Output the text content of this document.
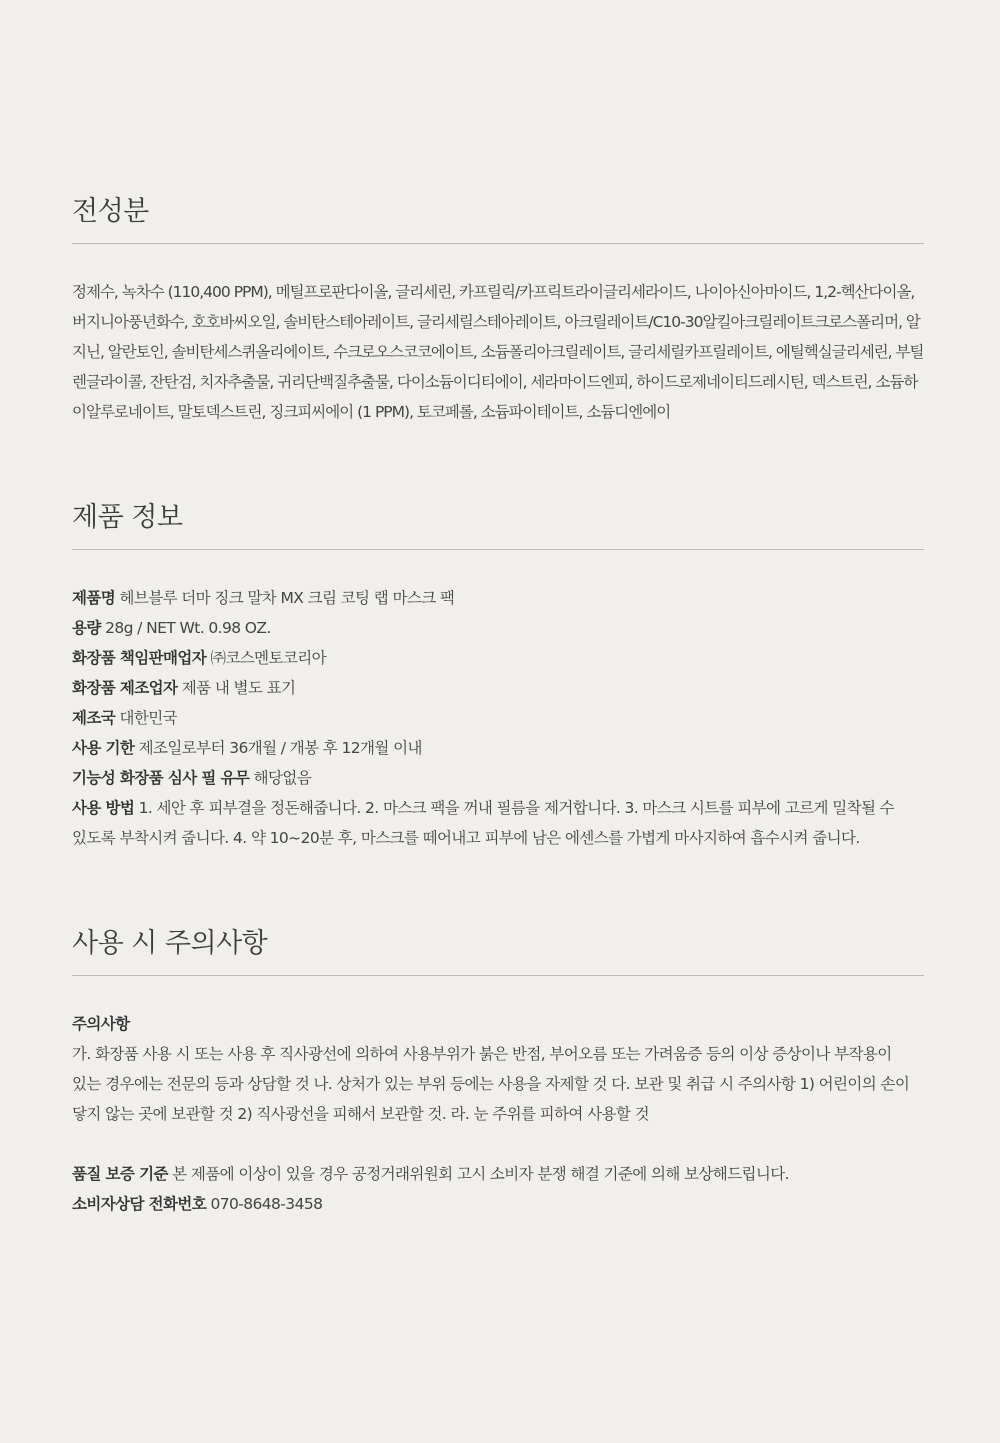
전성분
정제수, 녹차수 (110,400 PPM), 메틸프로판다이올, 글리세린, 카프릴릭/카프릭트라이글리세라이드, 나이아신아마이드, 1,2-헥산다이올, 버지니아풍년화수, 호호바씨오일, 솔비탄스테아레이트, 글리세릴스테아레이트, 아크릴레이트/C10-30알킬아크릴레이트크로스폴리머, 알지닌, 알란토인, 솔비탄세스퀴올리에이트, 수크로오스코코에이트, 소듐폴리아크릴레이트, 글리세릴카프릴레이트, 에틸헥실글리세린, 부틸렌글라이콜, 잔탄검, 치자추출물, 귀리단백질추출물, 다이소듐이디티에이, 세라마이드엔피, 하이드로제네이티드레시틴, 덱스트린, 소듐하이알루로네이트, 말토덱스트린, 징크피씨에이 (1 PPM), 토코페롤, 소듐파이테이트, 소듐디엔에이
제품 정보

제품명 헤브블루 더마 징크 말차 MX 크림 코팅 랩 마스크 팩

용량 28g / NET Wt. 0.98 OZ.

화장품 책임판매업자 ㈜코스멘토코리아

화장품 제조업자 제품 내 별도 표기

제조국 대한민국

사용 기한 제조일로부터 36개월 / 개봉 후 12개월 이내

기능성 화장품 심사 필 유무 해당없음

사용 방법 1. 세안 후 피부결을 정돈해줍니다. 2. 마스크 팩을 꺼내 필름을 제거합니다. 3. 마스크 시트를 피부에 고르게 밀착될 수 있도록 부착시켜 줍니다. 4. 약 10~20분 후, 마스크를 떼어내고 피부에 남은 에센스를 가볍게 마사지하여 흡수시켜 줍니다.

사용 시 주의사항

주의사항

가. 화장품 사용 시 또는 사용 후 직사광선에 의하여 사용부위가 붉은 반점, 부어오름 또는 가려움증 등의 이상 증상이나 부작용이 있는 경우에는 전문의 등과 상담할 것 나. 상처가 있는 부위 등에는 사용을 자제할 것 다. 보관 및 취급 시 주의사항 1) 어린이의 손이 닿지 않는 곳에 보관할 것 2) 직사광선을 피해서 보관할 것. 라. 눈 주위를 피하여 사용할 것

품질 보증 기준 본 제품에 이상이 있을 경우 공정거래위원회 고시 소비자 분쟁 해결 기준에 의해 보상해드립니다.

소비자상담 전화번호 070-8648-3458
